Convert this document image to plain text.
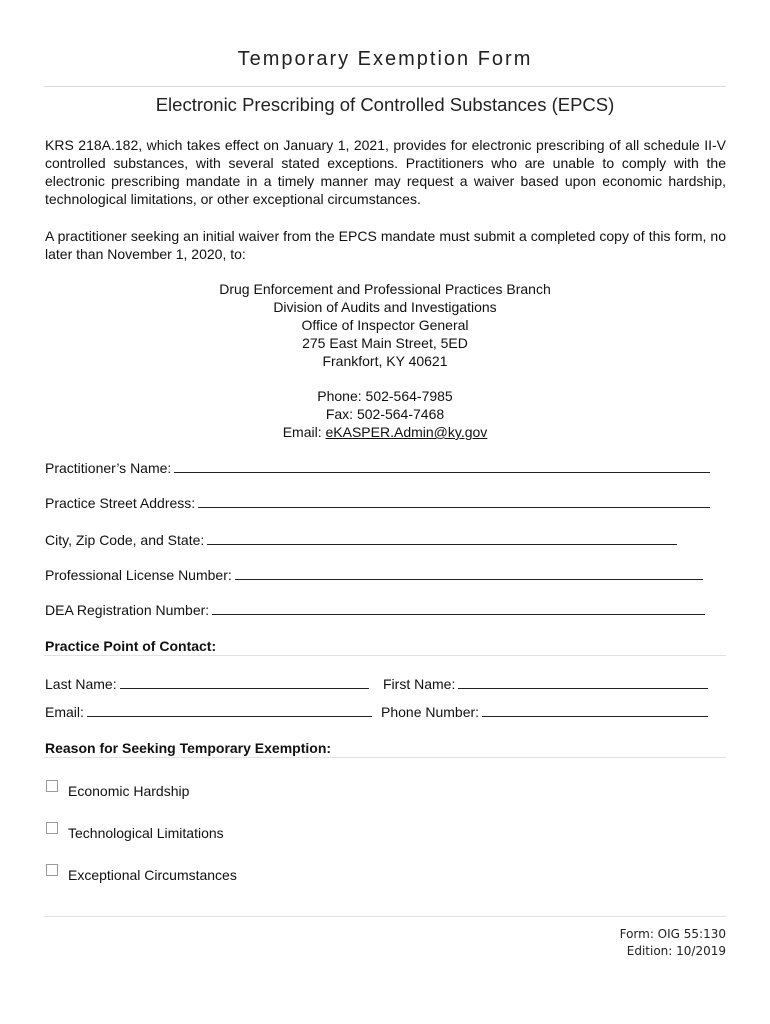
Temporary Exemption Form
Electronic Prescribing of Controlled Substances (EPCS)
KRS 218A.182, which takes effect on January 1, 2021, provides for electronic prescribing of all schedule II-V controlled substances, with several stated exceptions. Practitioners who are unable to comply with the electronic prescribing mandate in a timely manner may request a waiver based upon economic hardship, technological limitations, or other exceptional circumstances.
A practitioner seeking an initial waiver from the EPCS mandate must submit a completed copy of this form, no later than November 1, 2020, to:
Drug Enforcement and Professional Practices Branch
Division of Audits and Investigations
Office of Inspector General
275 East Main Street, 5ED
Frankfort, KY 40621
Phone: 502-564-7985
Fax: 502-564-7468
Email: eKASPER.Admin@ky.gov
Practitioner’s Name:
Practice Street Address:
City, Zip Code, and State:
Professional License Number:
DEA Registration Number:
Practice Point of Contact:
Last Name:	First Name:
Email:	Phone Number:
Reason for Seeking Temporary Exemption:
Economic Hardship
Technological Limitations
Exceptional Circumstances
Form: OIG 55:130
Edition: 10/2019
